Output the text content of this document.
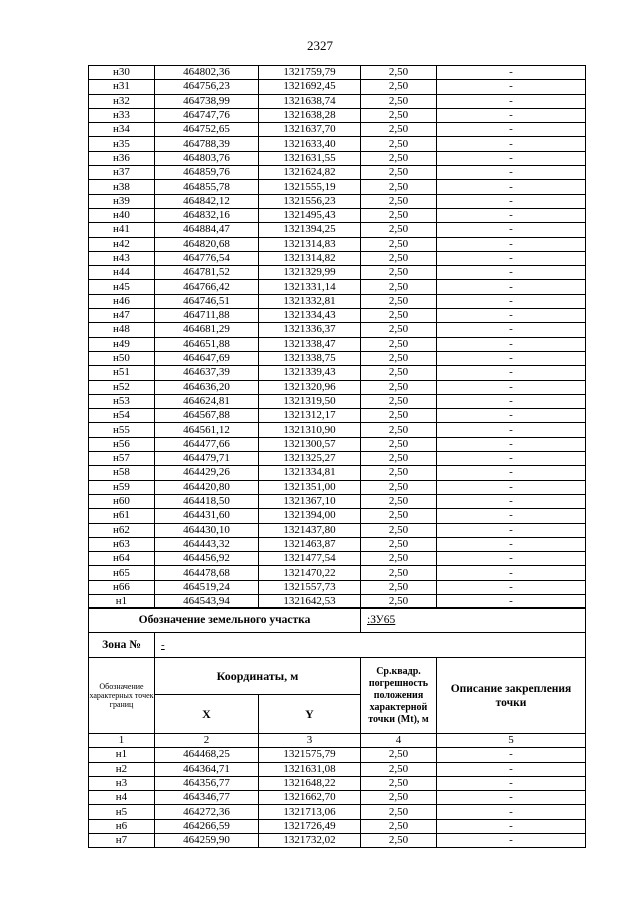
2327
н30	464802,36	1321759,79	2,50	-
н31	464756,23	1321692,45	2,50	-
н32	464738,99	1321638,74	2,50	-
н33	464747,76	1321638,28	2,50	-
н34	464752,65	1321637,70	2,50	-
н35	464788,39	1321633,40	2,50	-
н36	464803,76	1321631,55	2,50	-
н37	464859,76	1321624,82	2,50	-
н38	464855,78	1321555,19	2,50	-
н39	464842,12	1321556,23	2,50	-
н40	464832,16	1321495,43	2,50	-
н41	464884,47	1321394,25	2,50	-
н42	464820,68	1321314,83	2,50	-
н43	464776,54	1321314,82	2,50	-
н44	464781,52	1321329,99	2,50	-
н45	464766,42	1321331,14	2,50	-
н46	464746,51	1321332,81	2,50	-
н47	464711,88	1321334,43	2,50	-
н48	464681,29	1321336,37	2,50	-
н49	464651,88	1321338,47	2,50	-
н50	464647,69	1321338,75	2,50	-
н51	464637,39	1321339,43	2,50	-
н52	464636,20	1321320,96	2,50	-
н53	464624,81	1321319,50	2,50	-
н54	464567,88	1321312,17	2,50	-
н55	464561,12	1321310,90	2,50	-
н56	464477,66	1321300,57	2,50	-
н57	464479,71	1321325,27	2,50	-
н58	464429,26	1321334,81	2,50	-
н59	464420,80	1321351,00	2,50	-
н60	464418,50	1321367,10	2,50	-
н61	464431,60	1321394,00	2,50	-
н62	464430,10	1321437,80	2,50	-
н63	464443,32	1321463,87	2,50	-
н64	464456,92	1321477,54	2,50	-
н65	464478,68	1321470,22	2,50	-
н66	464519,24	1321557,73	2,50	-
н1	464543,94	1321642,53	2,50	-
Обозначение земельного участка			:ЗУ65	
Зона №	-			
Обозначение характерных точек границ	Координаты, м		Ср.квадр. погрешность положения характерной точки (Mt), м	Описание закрепления точки
	X	Y		
1	2	3	4	5
н1	464468,25	1321575,79	2,50	-
н2	464364,71	1321631,08	2,50	-
н3	464356,77	1321648,22	2,50	-
н4	464346,77	1321662,70	2,50	-
н5	464272,36	1321713,06	2,50	-
н6	464266,59	1321726,49	2,50	-
н7	464259,90	1321732,02	2,50	-
